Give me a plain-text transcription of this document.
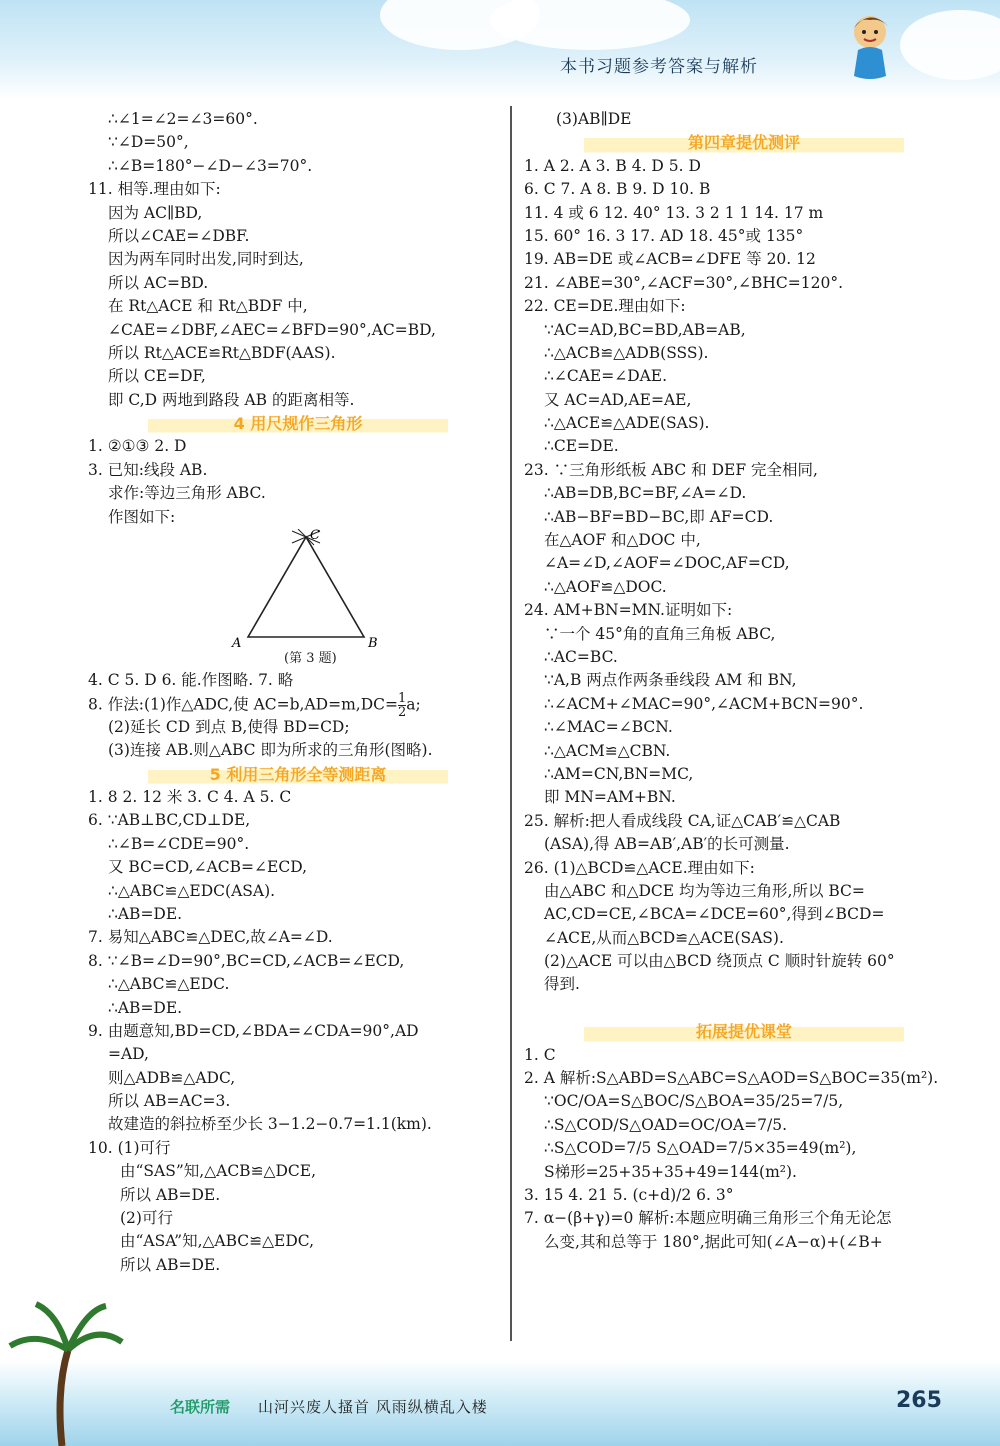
本书习题参考答案与解析
∴∠1=∠2=∠3=60°.
∵∠D=50°,
∴∠B=180°−∠D−∠3=70°.
11. 相等.理由如下:
因为 AC∥BD,
所以∠CAE=∠DBF.
因为两车同时出发,同时到达,
所以 AC=BD.
在 Rt△ACE 和 Rt△BDF 中,
∠CAE=∠DBF,∠AEC=∠BFD=90°,AC=BD,
所以 Rt△ACE≌Rt△BDF(AAS).
所以 CE=DF,
即 C,D 两地到路段 AB 的距离相等.
4 用尺规作三角形
1. ②①③ 2. D
3. 已知:线段 AB.
求作:等边三角形 ABC.
作图如下:
C
A	B
(第 3 题)
4. C 5. D 6. 能.作图略. 7. 略
8. 作法:(1)作△ADC,使 $AC=b,AD=m,DC= \frac{1}{2} a$;
(2)延长 CD 到点 B,使得 BD=CD;
(3)连接 AB.则△ABC 即为所求的三角形(图略).
5 利用三角形全等测距离
1. 8 2. 12 米 3. C 4. A 5. C
6. ∵AB⊥BC,CD⊥DE,
∴∠B=∠CDE=90°.
又 BC=CD,∠ACB=∠ECD,
∴△ABC≌△EDC(ASA).
∴AB=DE.
7. 易知△ABC≌△DEC,故∠A=∠D.
8. ∵∠B=∠D=90°,BC=CD,∠ACB=∠ECD,
∴△ABC≌△EDC.
∴AB=DE.
9. 由题意知,BD=CD,∠BDA=∠CDA=90°,AD
=AD,
则△ADB≌△ADC,
所以 AB=AC=3.
故建造的斜拉桥至少长 3−1.2−0.7=1.1(km).
10. (1)可行
由“SAS”知,△ACB≌△DCE,
所以 AB=DE.
(2)可行
由“ASA”知,△ABC≌△EDC,
所以 AB=DE.
(3)AB∥DE
第四章提优测评
1. A 2. A 3. B 4. D 5. D
6. C 7. A 8. B 9. D 10. B
11. 4 或 6 12. 40° 13. 3 2 1 1 14. 17 m
15. 60° 16. 3 17. AD 18. 45°或 135°
19. AB=DE 或∠ACB=∠DFE 等 20. 12
21. ∠ABE=30°,∠ACF=30°,∠BHC=120°.
22. CE=DE.理由如下:
∵AC=AD,BC=BD,AB=AB,
∴△ACB≌△ADB(SSS).
∴∠CAE=∠DAE.
又 AC=AD,AE=AE,
∴△ACE≌△ADE(SAS).
∴CE=DE.
23. ∵三角形纸板 ABC 和 DEF 完全相同,
∴AB=DB,BC=BF,∠A=∠D.
∴AB−BF=BD−BC,即 AF=CD.
在△AOF 和△DOC 中,
∠A=∠D,∠AOF=∠DOC,AF=CD,
∴△AOF≌△DOC.
24. AM+BN=MN.证明如下:
∵一个 45°角的直角三角板 ABC,
∴AC=BC.
∵A,B 两点作两条垂线段 AM 和 BN,
∴∠ACM+∠MAC=90°,∠ACM+BCN=90°.
∴∠MAC=∠BCN.
∴△ACM≌△CBN.
∴AM=CN,BN=MC,
即 MN=AM+BN.
25. 解析:把人看成线段 CA,证△CAB′≌△CAB
(ASA),得 AB=AB′,AB′的长可测量.
26. (1)△BCD≌△ACE.理由如下:
由△ABC 和△DCE 均为等边三角形,所以 BC=
AC,CD=CE,∠BCA=∠DCE=60°,得到∠BCD=
∠ACE,从而△BCD≌△ACE(SAS).
(2)△ACE 可以由△BCD 绕顶点 C 顺时针旋转 60°
得到.
拓展提优课堂
1. C
2. A 解析:S△ABD=S△ABC=S△AOD=S△BOC=35(m²).
∵OC/OA=S△BOC/S△BOA=35/25=7/5,
∴S△COD/S△OAD=OC/OA=7/5.
∴S△COD=7/5 S△OAD=7/5×35=49(m²),
S梯形=25+35+35+49=144(m²).
3. 15 4. 21 5. (c+d)/2 6. 3°
7. α−(β+γ)=0 解析:本题应明确三角形三个角无论怎
么变,其和总等于 180°,据此可知(∠A−α)+(∠B+
名联所需 山河兴废人搔首 风雨纵横乱入楼	265
